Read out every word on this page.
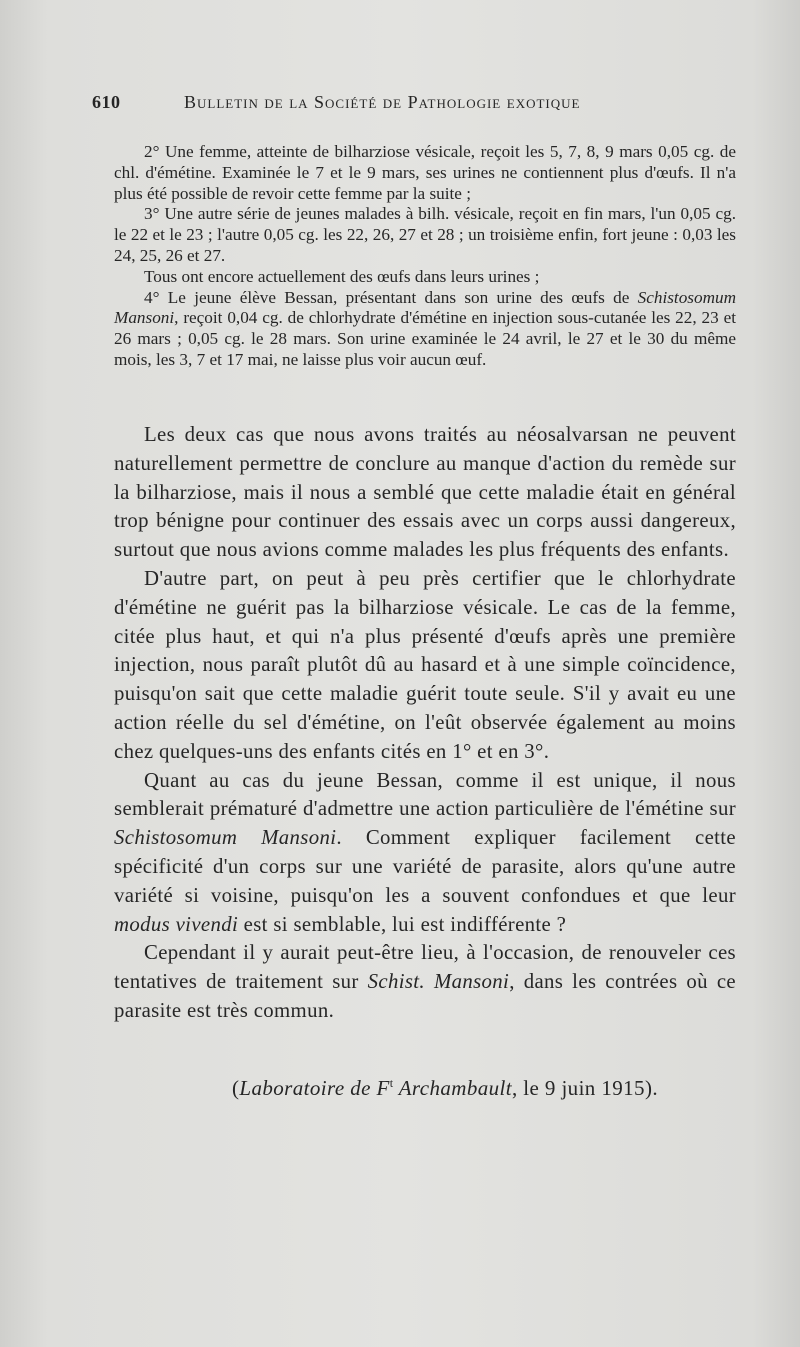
610	Bulletin de la Société de Pathologie exotique

2° Une femme, atteinte de bilharziose vésicale, reçoit les 5, 7, 8, 9 mars 0,05 cg. de chl. d'émétine. Examinée le 7 et le 9 mars, ses urines ne contiennent plus d'œufs. Il n'a plus été possible de revoir cette femme par la suite ;

3° Une autre série de jeunes malades à bilh. vésicale, reçoit en fin mars, l'un 0,05 cg. le 22 et le 23 ; l'autre 0,05 cg. les 22, 26, 27 et 28 ; un troisième enfin, fort jeune : 0,03 les 24, 25, 26 et 27.

Tous ont encore actuellement des œufs dans leurs urines ;

4° Le jeune élève Bessan, présentant dans son urine des œufs de Schistosomum Mansoni, reçoit 0,04 cg. de chlorhydrate d'émétine en injection sous-cutanée les 22, 23 et 26 mars ; 0,05 cg. le 28 mars. Son urine examinée le 24 avril, le 27 et le 30 du même mois, les 3, 7 et 17 mai, ne laisse plus voir aucun œuf.

Les deux cas que nous avons traités au néosalvarsan ne peuvent naturellement permettre de conclure au manque d'action du remède sur la bilharziose, mais il nous a semblé que cette maladie était en général trop bénigne pour continuer des essais avec un corps aussi dangereux, surtout que nous avions comme malades les plus fréquents des enfants.

D'autre part, on peut à peu près certifier que le chlorhydrate d'émétine ne guérit pas la bilharziose vésicale. Le cas de la femme, citée plus haut, et qui n'a plus présenté d'œufs après une première injection, nous paraît plutôt dû au hasard et à une simple coïncidence, puisqu'on sait que cette maladie guérit toute seule. S'il y avait eu une action réelle du sel d'émétine, on l'eût observée également au moins chez quelques-uns des enfants cités en 1° et en 3°.

Quant au cas du jeune Bessan, comme il est unique, il nous semblerait prématuré d'admettre une action particulière de l'émétine sur Schistosomum Mansoni. Comment expliquer facilement cette spécificité d'un corps sur une variété de parasite, alors qu'une autre variété si voisine, puisqu'on les a souvent confondues et que leur modus vivendi est si semblable, lui est indifférente ?

Cependant il y aurait peut-être lieu, à l'occasion, de renouveler ces tentatives de traitement sur Schist. Mansoni, dans les contrées où ce parasite est très commun.

(Laboratoire de $F^t$ Archambault, le 9 juin 1915).
